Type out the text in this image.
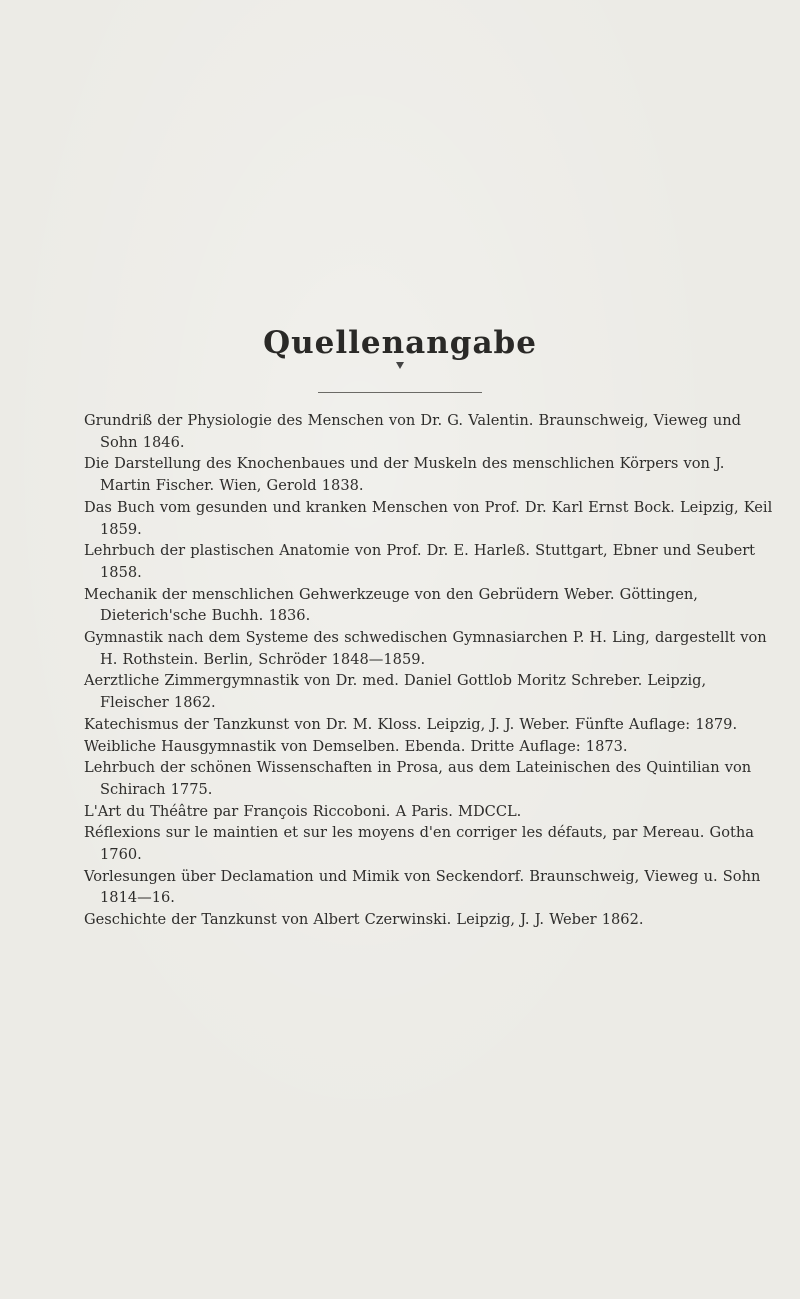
Quellenangabe

Grundriß der Physiologie des Menschen von Dr. G. Valentin. Braunschweig, Vieweg und Sohn 1846.

Die Darstellung des Knochenbaues und der Muskeln des menschlichen Körpers von J. Martin Fischer. Wien, Gerold 1838.

Das Buch vom gesunden und kranken Menschen von Prof. Dr. Karl Ernst Bock. Leipzig, Keil 1859.

Lehrbuch der plastischen Anatomie von Prof. Dr. E. Harleß. Stuttgart, Ebner und Seubert 1858.

Mechanik der menschlichen Gehwerkzeuge von den Gebrüdern Weber. Göttingen, Dieterich'sche Buchh. 1836.

Gymnastik nach dem Systeme des schwedischen Gymnasiarchen P. H. Ling, dargestellt von H. Rothstein. Berlin, Schröder 1848—1859.

Aerztliche Zimmergymnastik von Dr. med. Daniel Gottlob Moritz Schreber. Leipzig, Fleischer 1862.

Katechismus der Tanzkunst von Dr. M. Kloss. Leipzig, J. J. Weber. Fünfte Auflage: 1879.

Weibliche Hausgymnastik von Demselben. Ebenda. Dritte Auflage: 1873.

Lehrbuch der schönen Wissenschaften in Prosa, aus dem Lateinischen des Quintilian von Schirach 1775.

L'Art du Théâtre par François Riccoboni. A Paris. MDCCL.

Réflexions sur le maintien et sur les moyens d'en corriger les défauts, par Mereau. Gotha 1760.

Vorlesungen über Declamation und Mimik von Seckendorf. Braunschweig, Vieweg u. Sohn 1814—16.

Geschichte der Tanzkunst von Albert Czerwinski. Leipzig, J. J. Weber 1862.
